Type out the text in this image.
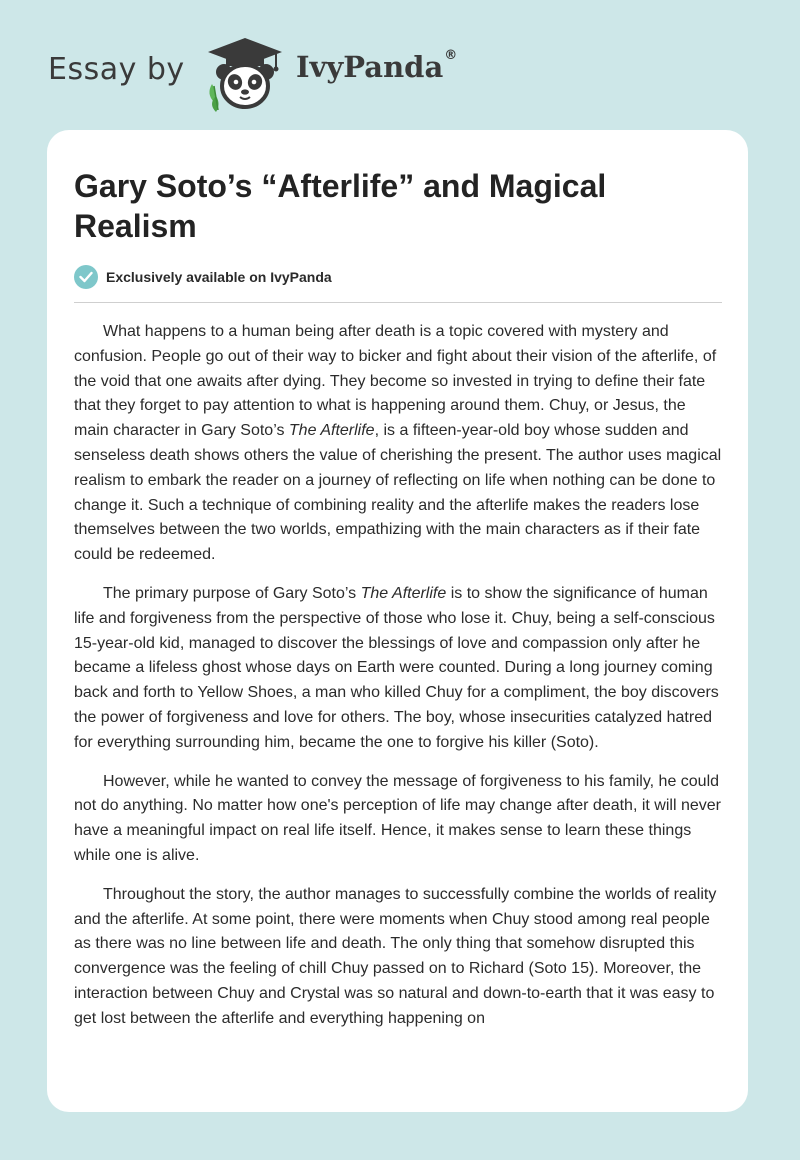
Essay by	IvyPanda®
Gary Soto’s “Afterlife” and Magical Realism
Exclusively available on IvyPanda

What happens to a human being after death is a topic covered with mystery and confusion. People go out of their way to bicker and fight about their vision of the afterlife, of the void that one awaits after dying. They become so invested in trying to define their fate that they forget to pay attention to what is happening around them. Chuy, or Jesus, the main character in Gary Soto’s The Afterlife, is a fifteen-year-old boy whose sudden and senseless death shows others the value of cherishing the present. The author uses magical realism to embark the reader on a journey of reflecting on life when nothing can be done to change it. Such a technique of combining reality and the afterlife makes the readers lose themselves between the two worlds, empathizing with the main characters as if their fate could be redeemed.

The primary purpose of Gary Soto’s The Afterlife is to show the significance of human life and forgiveness from the perspective of those who lose it. Chuy, being a self-conscious 15-year-old kid, managed to discover the blessings of love and compassion only after he became a lifeless ghost whose days on Earth were counted. During a long journey coming back and forth to Yellow Shoes, a man who killed Chuy for a compliment, the boy discovers the power of forgiveness and love for others. The boy, whose insecurities catalyzed hatred for everything surrounding him, became the one to forgive his killer (Soto).

However, while he wanted to convey the message of forgiveness to his family, he could not do anything. No matter how one's perception of life may change after death, it will never have a meaningful impact on real life itself. Hence, it makes sense to learn these things while one is alive.

Throughout the story, the author manages to successfully combine the worlds of reality and the afterlife. At some point, there were moments when Chuy stood among real people as there was no line between life and death. The only thing that somehow disrupted this convergence was the feeling of chill Chuy passed on to Richard (Soto 15). Moreover, the interaction between Chuy and Crystal was so natural and down-to-earth that it was easy to get lost between the afterlife and everything happening on
